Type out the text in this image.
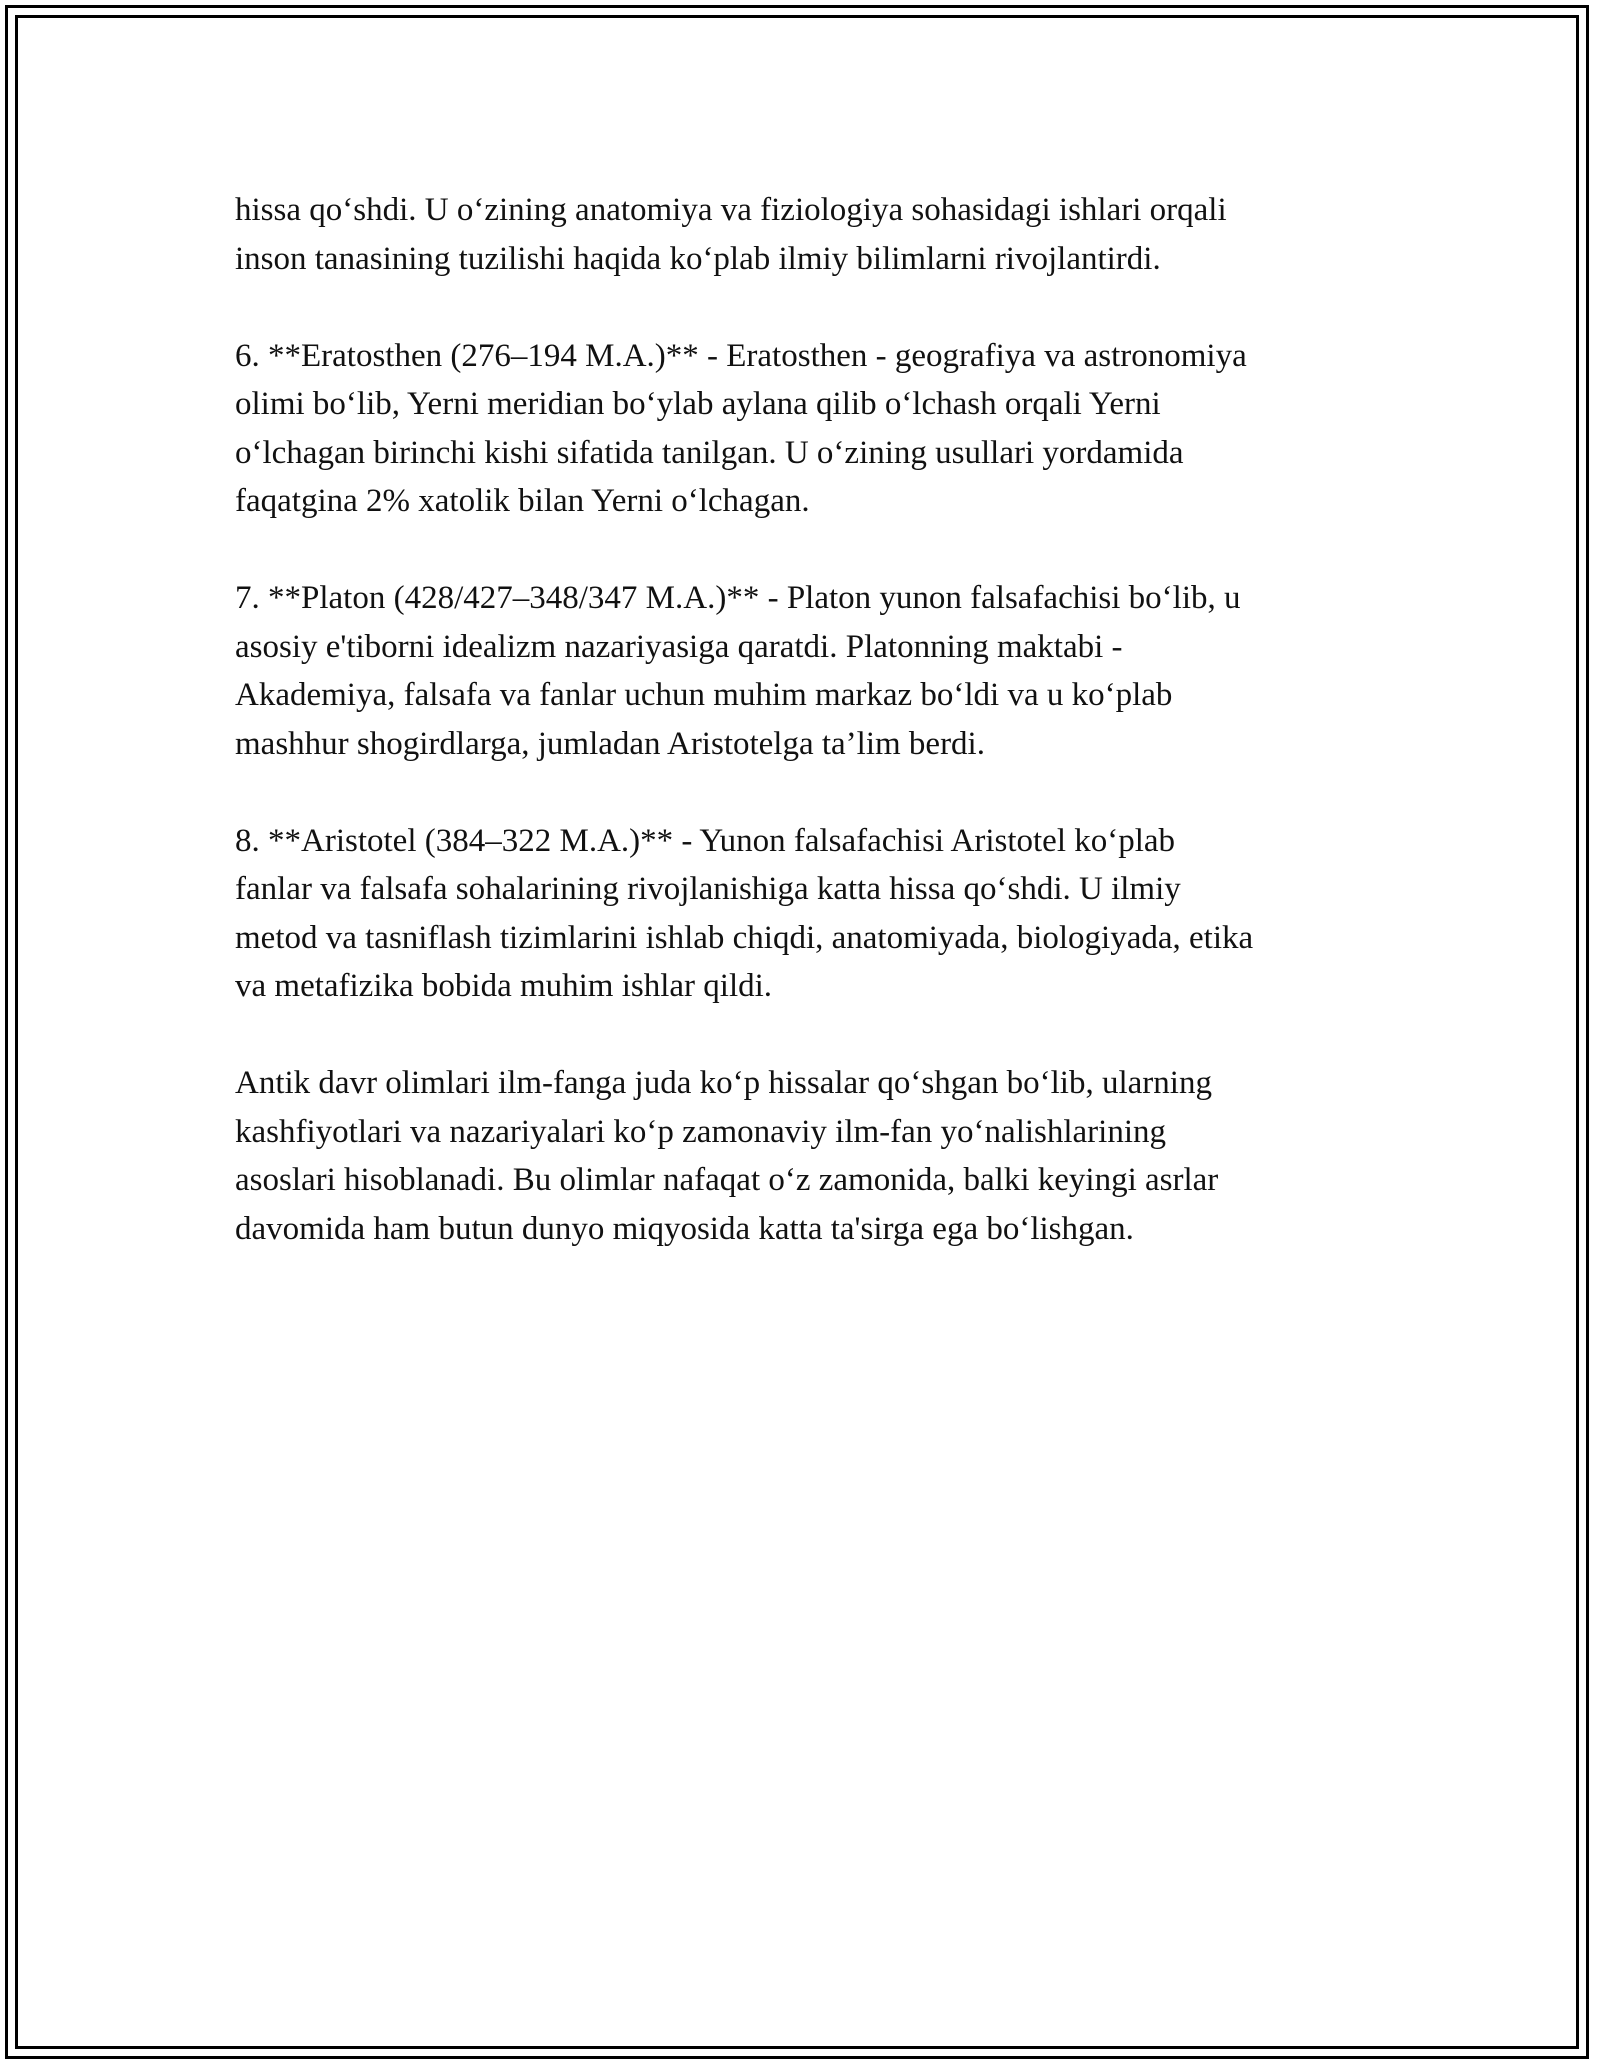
hissa qo‘shdi. U o‘zining anatomiya va fiziologiya sohasidagi ishlari orqali
inson tanasining tuzilishi haqida ko‘plab ilmiy bilimlarni rivojlantirdi.

6. **Eratosthen (276–194 M.A.)** - Eratosthen - geografiya va astronomiya
olimi bo‘lib, Yerni meridian bo‘ylab aylana qilib o‘lchash orqali Yerni
o‘lchagan birinchi kishi sifatida tanilgan. U o‘zining usullari yordamida
faqatgina 2% xatolik bilan Yerni o‘lchagan.

7. **Platon (428/427–348/347 M.A.)** - Platon yunon falsafachisi bo‘lib, u
asosiy e'tiborni idealizm nazariyasiga qaratdi. Platonning maktabi -
Akademiya, falsafa va fanlar uchun muhim markaz bo‘ldi va u ko‘plab
mashhur shogirdlarga, jumladan Aristotelga ta’lim berdi.

8. **Aristotel (384–322 M.A.)** - Yunon falsafachisi Aristotel ko‘plab
fanlar va falsafa sohalarining rivojlanishiga katta hissa qo‘shdi. U ilmiy
metod va tasniflash tizimlarini ishlab chiqdi, anatomiyada, biologiyada, etika
va metafizika bobida muhim ishlar qildi.

Antik davr olimlari ilm-fanga juda ko‘p hissalar qo‘shgan bo‘lib, ularning
kashfiyotlari va nazariyalari ko‘p zamonaviy ilm-fan yo‘nalishlarining
asoslari hisoblanadi. Bu olimlar nafaqat o‘z zamonida, balki keyingi asrlar
davomida ham butun dunyo miqyosida katta ta'sirga ega bo‘lishgan.
